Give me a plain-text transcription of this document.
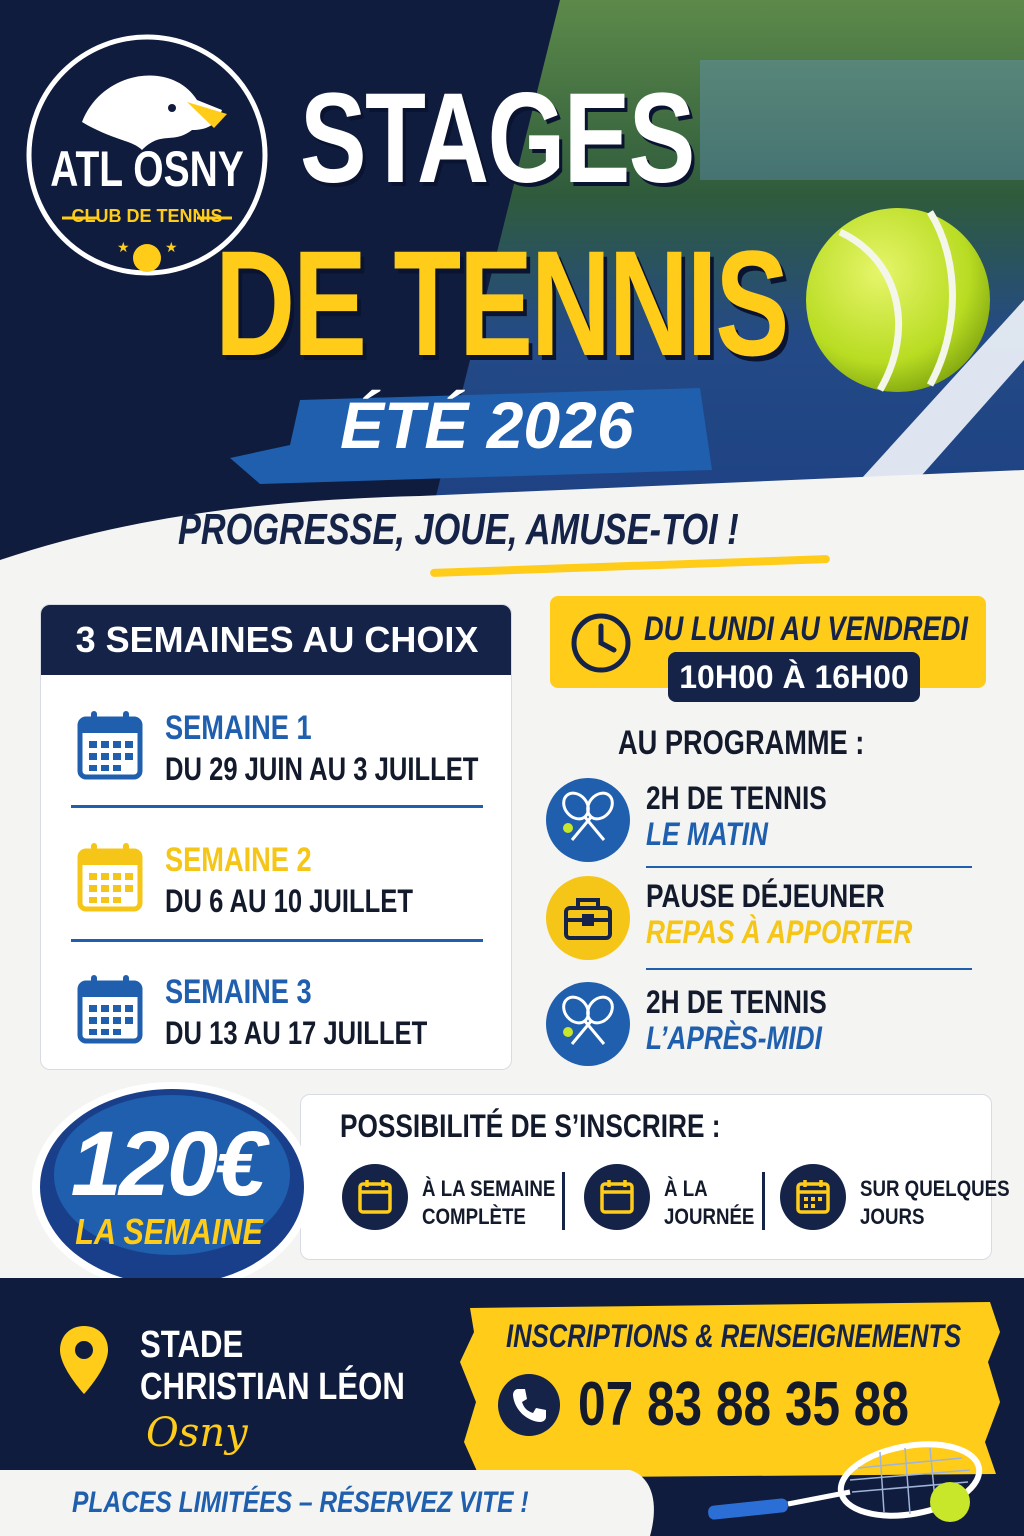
★	★
ATL OSNY
CLUB DE TENNIS
STAGES
DE TENNIS
ÉTÉ 2026
PROGRESSE, JOUE, AMUSE-TOI !
3 SEMAINES AU CHOIX
SEMAINE 1
DU 29 JUIN AU 3 JUILLET
SEMAINE 2
DU 6 AU 10 JUILLET
SEMAINE 3
DU 13 AU 17 JUILLET
DU LUNDI AU VENDREDI
10H00 À 16H00
AU PROGRAMME :
2H DE TENNIS
LE MATIN
PAUSE DÉJEUNER
REPAS À APPORTER
2H DE TENNIS
L’APRÈS-MIDI
120€
LA SEMAINE
POSSIBILITÉ DE S’INSCRIRE :
À LA SEMAINE
COMPLÈTE
À LA
JOURNÉE
SUR QUELQUES
JOURS
STADE
CHRISTIAN LÉON
Osny
INSCRIPTIONS & RENSEIGNEMENTS
07 83 88 35 88
PLACES LIMITÉES – RÉSERVEZ VITE !
